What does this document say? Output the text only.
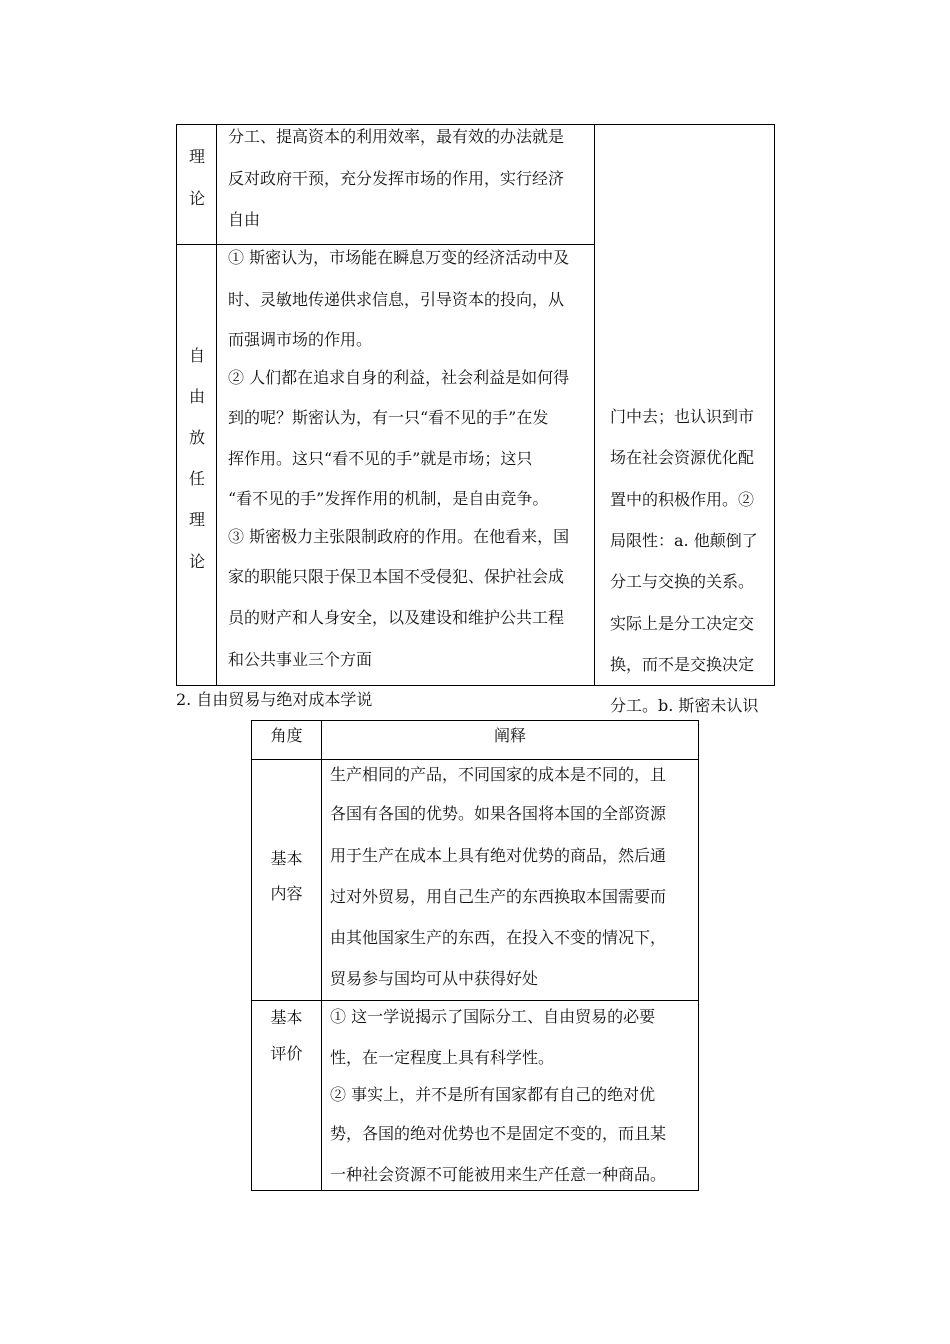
理
论
分工、提高资本的利用效率，最有效的办法就是
反对政府干预，充分发挥市场的作用，实行经济
自由
自
由
放
任
理
论
① 斯密认为，市场能在瞬息万变的经济活动中及
时、灵敏地传递供求信息，引导资本的投向，从
而强调市场的作用。
② 人们都在追求自身的利益，社会利益是如何得
到的呢？斯密认为，有一只“看不见的手”在发
挥作用。这只“看不见的手”就是市场；这只
“看不见的手”发挥作用的机制，是自由竞争。
③ 斯密极力主张限制政府的作用。在他看来，国
家的职能只限于保卫本国不受侵犯、保护社会成
员的财产和人身安全，以及建设和维护公共工程
和公共事业三个方面
门中去；也认识到市
场在社会资源优化配
置中的积极作用。②
局限性：a. 他颠倒了
分工与交换的关系。
实际上是分工决定交
换，而不是交换决定
分工。b. 斯密未认识
2. 自由贸易与绝对成本学说
角度	阐释
基本
内容
生产相同的产品，不同国家的成本是不同的，且
各国有各国的优势。如果各国将本国的全部资源
用于生产在成本上具有绝对优势的商品，然后通
过对外贸易，用自己生产的东西换取本国需要而
由其他国家生产的东西，在投入不变的情况下，
贸易参与国均可从中获得好处
基本
评价
① 这一学说揭示了国际分工、自由贸易的必要
性，在一定程度上具有科学性。
② 事实上，并不是所有国家都有自己的绝对优
势，各国的绝对优势也不是固定不变的，而且某
一种社会资源不可能被用来生产任意一种商品。
